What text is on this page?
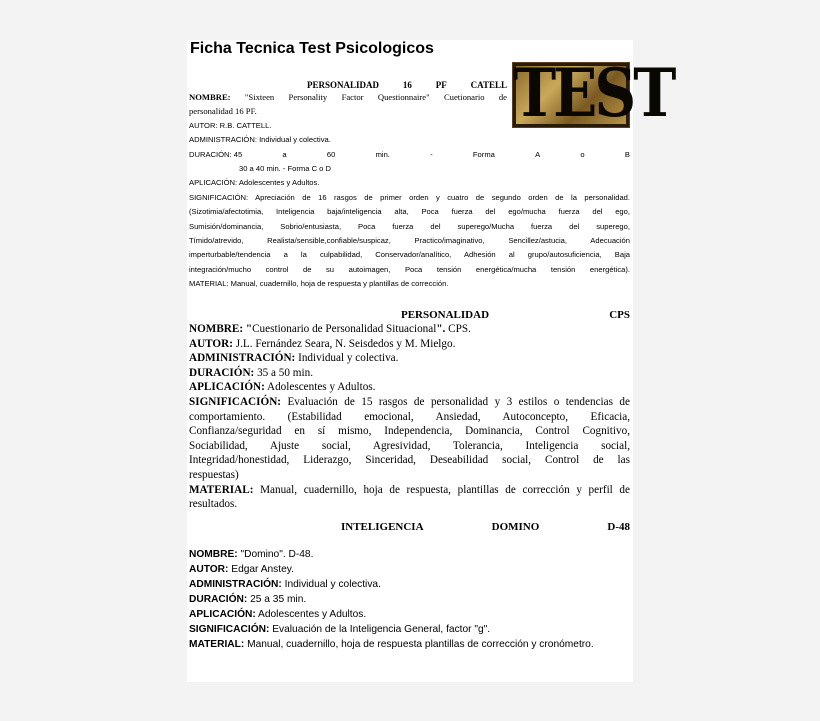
Ficha Tecnica Test Psicologicos
TEST
PERSONALIDAD	16	PF	CATELL
NOMBRE: "Sixteen Personality Factor Questionnaire" Cuetionario de
personalidad 16 PF.
AUTOR: R.B. CATTELL.
ADMINISTRACIÓN: Individual y colectiva.
DURACIÓN: 45	a	60	min.	-	Forma	A	o	B
30 a 40 min. - Forma C o D
APLICACIÓN: Adolescentes y Adultos.
SIGNIFICACIÓN: Apreciación de 16 rasgos de primer orden y cuatro de segundo orden de la personalidad.
(Sizotimia/afectotimia, Inteligencia baja/inteligencia alta, Poca fuerza del ego/mucha fuerza del ego,
Sumisión/dominancia, Sobrio/entusiasta, Poca fuerza del superego/Mucha fuerza del superego,
Tímido/atrevido, Realista/sensible,confiable/suspicaz, Practico/imaginativo, Sencillez/astucia, Adecuación
imperturbable/tendencia a la culpabilidad, Conservador/analítico, Adhesión al grupo/autosuficiencia, Baja
integración/mucho control de su autoimagen, Poca tensión energética/mucha tensión energética).
MATERIAL: Manual, cuadernillo, hoja de respuesta y plantillas de corrección.
PERSONALIDAD	CPS
NOMBRE: "Cuestionario de Personalidad Situacional". CPS.
AUTOR: J.L. Fernández Seara, N. Seisdedos y M. Mielgo.
ADMINISTRACIÓN: Individual y colectiva.
DURACIÓN: 35 a 50 min.
APLICACIÓN: Adolescentes y Adultos.
SIGNIFICACIÓN: Evaluación de 15 rasgos de personalidad y 3 estilos o tendencias de
comportamiento. (Estabilidad emocional, Ansiedad, Autoconcepto, Eficacia,
Confianza/seguridad en sí mismo, Independencia, Dominancia, Control Cognitivo,
Sociabilidad, Ajuste social, Agresividad, Tolerancia, Inteligencia social,
Integridad/honestidad, Liderazgo, Sinceridad, Deseabilidad social, Control de las
respuestas)
MATERIAL: Manual, cuadernillo, hoja de respuesta, plantillas de corrección y perfil de
resultados.
INTELIGENCIA	DOMINO	D-48
NOMBRE: "Domino". D-48.
AUTOR: Edgar Anstey.
ADMINISTRACIÓN: Individual y colectiva.
DURACIÓN: 25 a 35 min.
APLICACIÓN: Adolescentes y Adultos.
SIGNIFICACIÓN: Evaluación de la Inteligencia General, factor "g".
MATERIAL: Manual, cuadernillo, hoja de respuesta plantillas de corrección y cronómetro.
